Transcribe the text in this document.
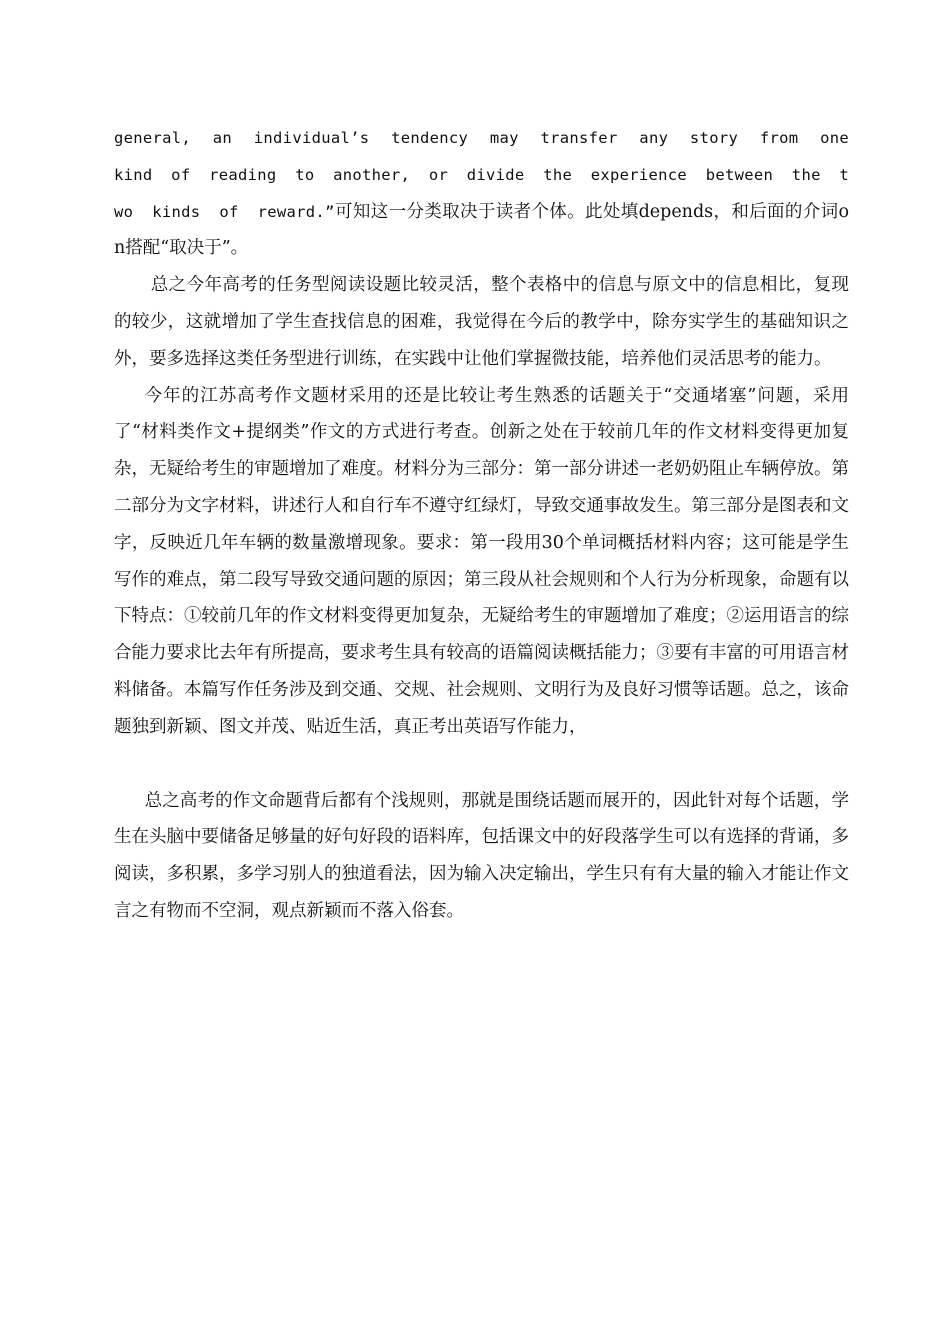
general, an individual’s tendency may transfer any story from one kind of reading to another, or divide the experience between the two kinds of reward.”可知这一分类取决于读者个体。此处填depends，和后面的介词on搭配“取决于”。

总之今年高考的任务型阅读设题比较灵活，整个表格中的信息与原文中的信息相比，复现的较少，这就增加了学生查找信息的困难，我觉得在今后的教学中，除夯实学生的基础知识之外，要多选择这类任务型进行训练，在实践中让他们掌握微技能，培养他们灵活思考的能力。

今年的江苏高考作文题材采用的还是比较让考生熟悉的话题关于“交通堵塞”问题，采用了“材料类作文+提纲类”作文的方式进行考查。创新之处在于较前几年的作文材料变得更加复杂，无疑给考生的审题增加了难度。材料分为三部分：第一部分讲述一老奶奶阻止车辆停放。第二部分为文字材料，讲述行人和自行车不遵守红绿灯，导致交通事故发生。第三部分是图表和文字，反映近几年车辆的数量激增现象。要求：第一段用30个单词概括材料内容；这可能是学生写作的难点，第二段写导致交通问题的原因；第三段从社会规则和个人行为分析现象，命题有以下特点：①较前几年的作文材料变得更加复杂，无疑给考生的审题增加了难度；②运用语言的综合能力要求比去年有所提高，要求考生具有较高的语篇阅读概括能力；③要有丰富的可用语言材料储备。本篇写作任务涉及到交通、交规、社会规则、文明行为及良好习惯等话题。总之，该命题独到新颖、图文并茂、贴近生活，真正考出英语写作能力，

总之高考的作文命题背后都有个浅规则，那就是围绕话题而展开的，因此针对每个话题，学生在头脑中要储备足够量的好句好段的语料库，包括课文中的好段落学生可以有选择的背诵，多阅读，多积累，多学习别人的独道看法，因为输入决定输出，学生只有有大量的输入才能让作文言之有物而不空洞，观点新颖而不落入俗套。
